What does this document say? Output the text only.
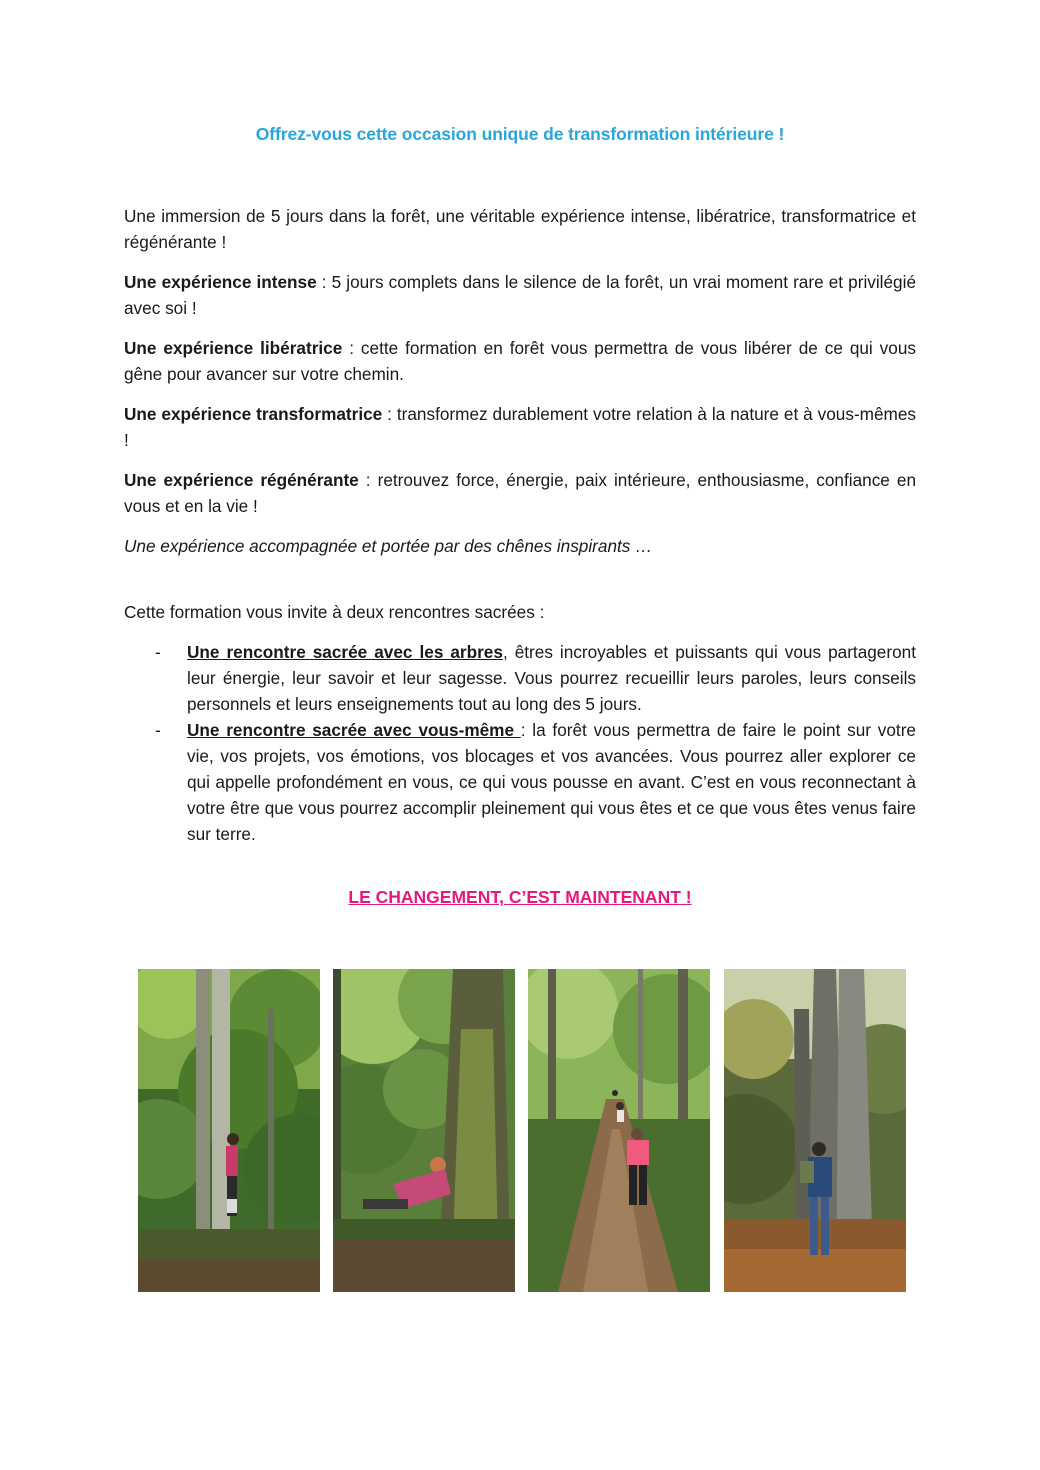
Offrez-vous cette occasion unique de transformation intérieure !

Une immersion de 5 jours dans la forêt, une véritable expérience intense, libératrice, transformatrice et régénérante !

Une expérience intense : 5 jours complets dans le silence de la forêt, un vrai moment rare et privilégié avec soi !

Une expérience libératrice : cette formation en forêt vous permettra de vous libérer de ce qui vous gêne pour avancer sur votre chemin.

Une expérience transformatrice : transformez durablement votre relation à la nature et à vous-mêmes !

Une expérience régénérante : retrouvez force, énergie, paix intérieure, enthousiasme, confiance en vous et en la vie !

Une expérience accompagnée et portée par des chênes inspirants …

Cette formation vous invite à deux rencontres sacrées :

- Une rencontre sacrée avec les arbres, êtres incroyables et puissants qui vous partageront leur énergie, leur savoir et leur sagesse. Vous pourrez recueillir leurs paroles, leurs conseils personnels et leurs enseignements tout au long des 5 jours.
- Une rencontre sacrée avec vous-même : la forêt vous permettra de faire le point sur votre vie, vos projets, vos émotions, vos blocages et vos avancées. Vous pourrez aller explorer ce qui appelle profondément en vous, ce qui vous pousse en avant. C’est en vous reconnectant à votre être que vous pourrez accomplir pleinement qui vous êtes et ce que vous êtes venus faire sur terre.
LE CHANGEMENT, C’EST MAINTENANT !
